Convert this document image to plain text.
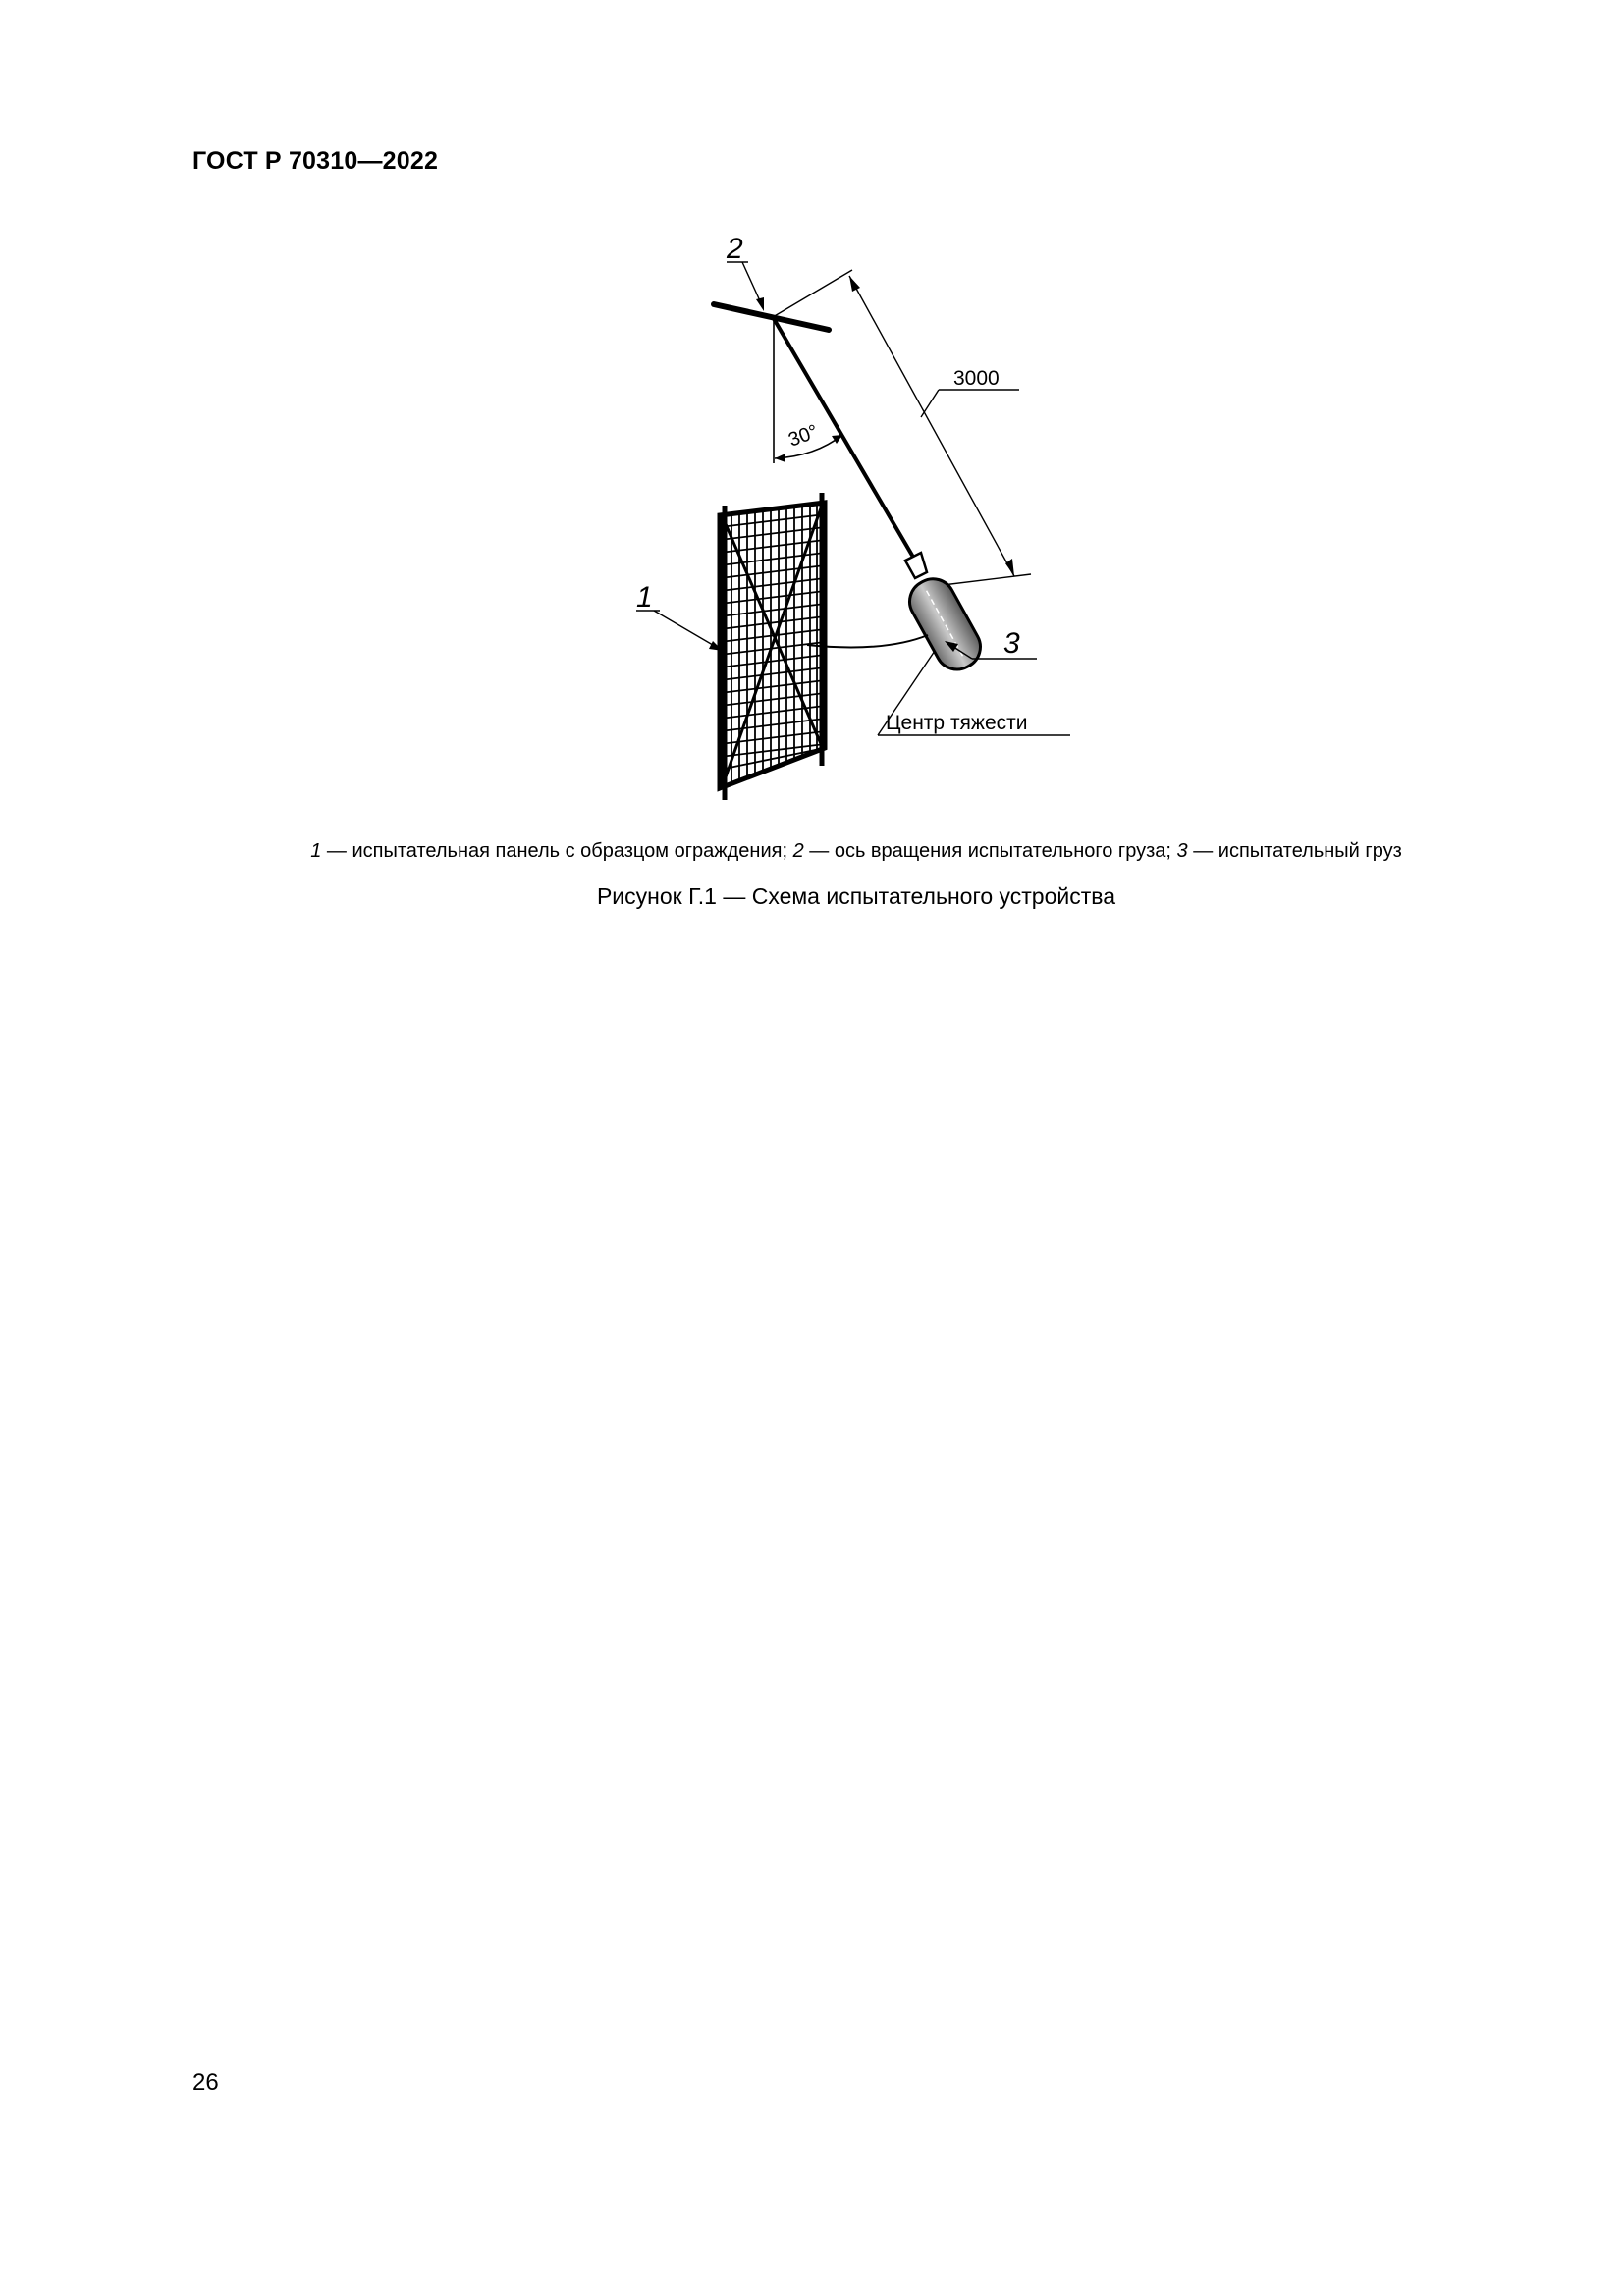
ГОСТ Р 70310—2022
30°
3000
2
1
3
Центр тяжести
1 — испытательная панель с образцом ограждения; 2 — ось вращения испытательного груза; 3 — испытательный груз
Рисунок Г.1 — Схема испытательного устройства
26
